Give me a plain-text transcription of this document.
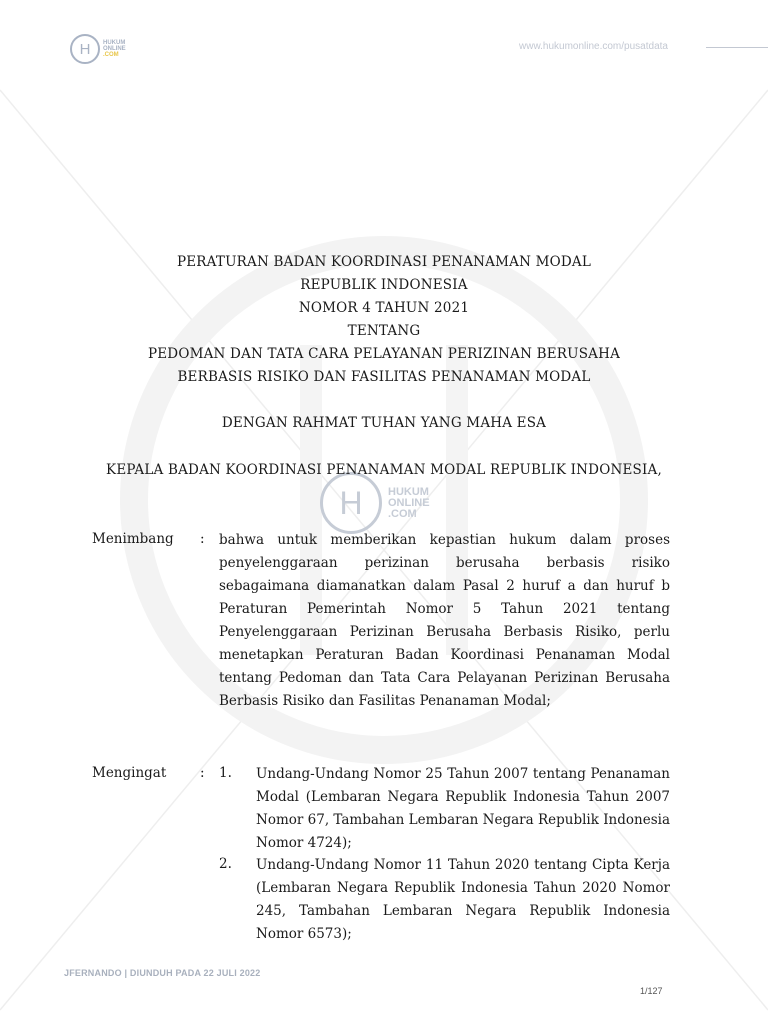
H HUKUM
ONLINE
.COM
www.hukumonline.com/pusatdata
H HUKUM
ONLINE
.COM
PERATURAN BADAN KOORDINASI PENANAMAN MODAL
REPUBLIK INDONESIA
NOMOR 4 TAHUN 2021
TENTANG
PEDOMAN DAN TATA CARA PELAYANAN PERIZINAN BERUSAHA
BERBASIS RISIKO DAN FASILITAS PENANAMAN MODAL
DENGAN RAHMAT TUHAN YANG MAHA ESA
KEPALA BADAN KOORDINASI PENANAMAN MODAL REPUBLIK INDONESIA,
Menimbang : bahwa untuk memberikan kepastian hukum dalam proses penyelenggaraan perizinan berusaha berbasis risiko sebagaimana diamanatkan dalam Pasal 2 huruf a dan huruf b Peraturan Pemerintah Nomor 5 Tahun 2021 tentang Penyelenggaraan Perizinan Berusaha Berbasis Risiko, perlu menetapkan Peraturan Badan Koordinasi Penanaman Modal tentang Pedoman dan Tata Cara Pelayanan Perizinan Berusaha Berbasis Risiko dan Fasilitas Penanaman Modal;
Mengingat : 1. Undang-Undang Nomor 25 Tahun 2007 tentang Penanaman Modal (Lembaran Negara Republik Indonesia Tahun 2007 Nomor 67, Tambahan Lembaran Negara Republik Indonesia Nomor 4724);
2. Undang-Undang Nomor 11 Tahun 2020 tentang Cipta Kerja (Lembaran Negara Republik Indonesia Tahun 2020 Nomor 245, Tambahan Lembaran Negara Republik Indonesia Nomor 6573);
JFERNANDO | DIUNDUH PADA 22 JULI 2022
1/127
